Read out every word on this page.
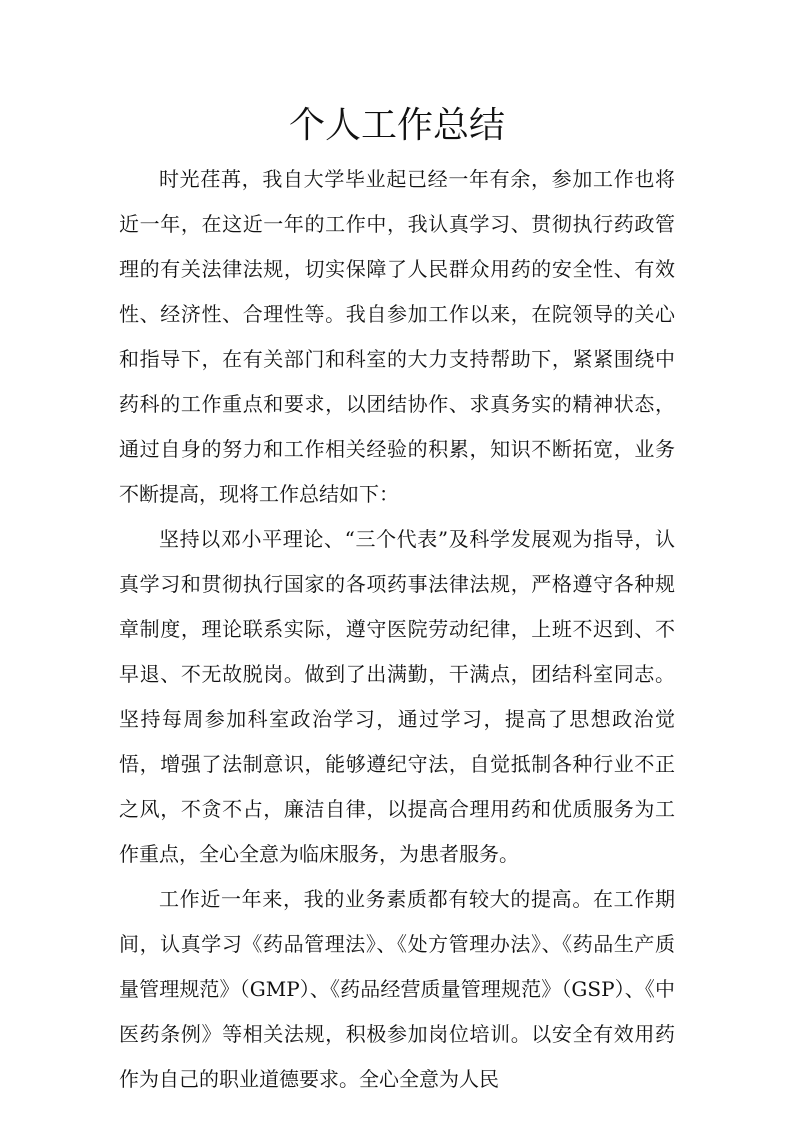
个人工作总结

时光荏苒，我自大学毕业起已经一年有余，参加工作也将近一年，在这近一年的工作中，我认真学习、贯彻执行药政管理的有关法律法规，切实保障了人民群众用药的安全性、有效性、经济性、合理性等。我自参加工作以来，在院领导的关心和指导下，在有关部门和科室的大力支持帮助下，紧紧围绕中药科的工作重点和要求，以团结协作、求真务实的精神状态，通过自身的努力和工作相关经验的积累，知识不断拓宽，业务不断提高，现将工作总结如下：

坚持以邓小平理论、“三个代表”及科学发展观为指导，认真学习和贯彻执行国家的各项药事法律法规，严格遵守各种规章制度，理论联系实际，遵守医院劳动纪律，上班不迟到、不早退、不无故脱岗。做到了出满勤，干满点，团结科室同志。坚持每周参加科室政治学习，通过学习，提高了思想政治觉悟，增强了法制意识，能够遵纪守法，自觉抵制各种行业不正之风，不贪不占，廉洁自律，以提高合理用药和优质服务为工作重点，全心全意为临床服务，为患者服务。

工作近一年来，我的业务素质都有较大的提高。在工作期间，认真学习《药品管理法》、《处方管理办法》、《药品生产质量管理规范》（GMP）、《药品经营质量管理规范》（GSP）、《中医药条例》等相关法规，积极参加岗位培训。以安全有效用药作为自己的职业道德要求。全心全意为人民
